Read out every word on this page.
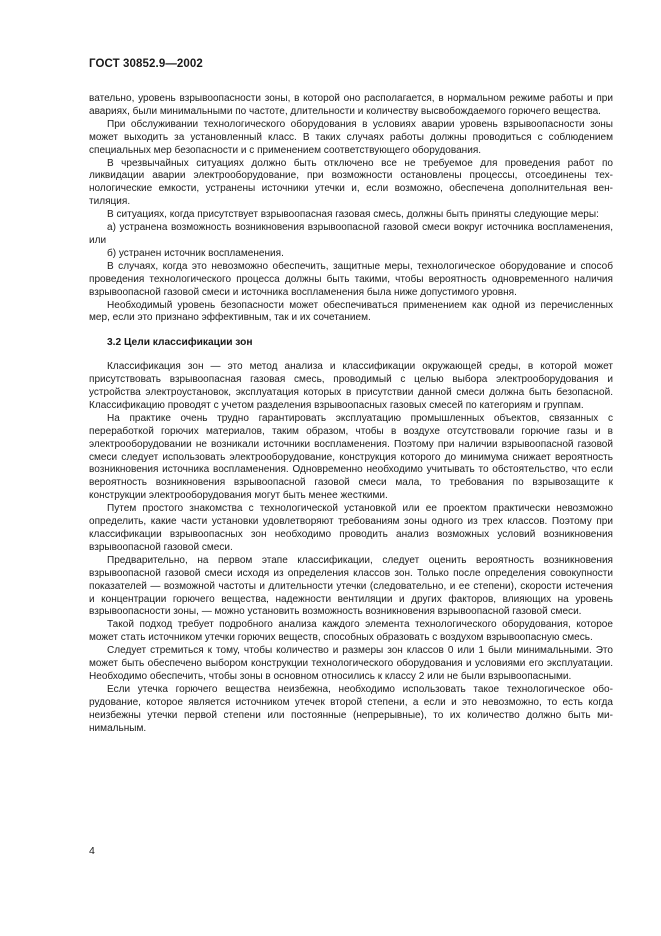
ГОСТ 30852.9—2002

вательно, уровень взрывоопасности зоны, в которой оно располагается, в нормальном режиме работы и при авариях, были минимальными по частоте, длительности и количеству высвобождаемого горючего вещества.

При обслуживании технологического оборудования в условиях аварии уровень взрывоопасности зоны может выходить за установленный класс. В таких случаях работы должны проводиться с соблюдением специальных мер безопасности и с применением соответствующего оборудования.

В чрезвычайных ситуациях должно быть отключено все не требуемое для проведения работ по ликвидации аварии электрооборудование, при возможности остановлены процессы, отсоединены технологические емкости, устранены источники утечки и, если возможно, обеспечена дополнительная вентиляция.

В ситуациях, когда присутствует взрывоопасная газовая смесь, должны быть приняты следующие меры:

а) устранена возможность возникновения взрывоопасной газовой смеси вокруг источника воспламенения, или

б) устранен источник воспламенения.

В случаях, когда это невозможно обеспечить, защитные меры, технологическое оборудование и способ проведения технологического процесса должны быть такими, чтобы вероятность одновременного наличия взрывоопасной газовой смеси и источника воспламенения была ниже допустимого уровня.

Необходимый уровень безопасности может обеспечиваться применением как одной из перечисленных мер, если это признано эффективным, так и их сочетанием.

3.2 Цели классификации зон

Классификация зон — это метод анализа и классификации окружающей среды, в которой может присутствовать взрывоопасная газовая смесь, проводимый с целью выбора электрооборудования и устройства электроустановок, эксплуатация которых в присутствии данной смеси должна быть безопасной. Классификацию проводят с учетом разделения взрывоопасных газовых смесей по категориям и группам.

На практике очень трудно гарантировать эксплуатацию промышленных объектов, связанных с переработкой горючих материалов, таким образом, чтобы в воздухе отсутствовали горючие газы и в электрооборудовании не возникали источники воспламенения. Поэтому при наличии взрывоопасной газовой смеси следует использовать электрооборудование, конструкция которого до минимума снижает вероятность возникновения источника воспламенения. Одновременно необходимо учитывать то обстоятельство, что если вероятность возникновения взрывоопасной газовой смеси мала, то требования по взрывозащите к конструкции электрооборудования могут быть менее жесткими.

Путем простого знакомства с технологической установкой или ее проектом практически невозможно определить, какие части установки удовлетворяют требованиям зоны одного из трех классов. Поэтому при классификации взрывоопасных зон необходимо проводить анализ возможных условий возникновения взрывоопасной газовой смеси.

Предварительно, на первом этапе классификации, следует оценить вероятность возникновения взрывоопасной газовой смеси исходя из определения классов зон. Только после определения совокупности показателей — возможной частоты и длительности утечки (следовательно, и ее степени), скорости истечения и концентрации горючего вещества, надежности вентиляции и других факторов, влияющих на уровень взрывоопасности зоны, — можно установить возможность возникновения взрывоопасной газовой смеси.

Такой подход требует подробного анализа каждого элемента технологического оборудования, которое может стать источником утечки горючих веществ, способных образовать с воздухом взрывоопасную смесь.

Следует стремиться к тому, чтобы количество и размеры зон классов 0 или 1 были минимальными. Это может быть обеспечено выбором конструкции технологического оборудования и условиями его эксплуатации. Необходимо обеспечить, чтобы зоны в основном относились к классу 2 или не были взрывоопасными.

Если утечка горючего вещества неизбежна, необходимо использовать такое технологическое оборудование, которое является источником утечек второй степени, а если и это невозможно, то есть когда неизбежны утечки первой степени или постоянные (непрерывные), то их количество должно быть минимальным.

4
